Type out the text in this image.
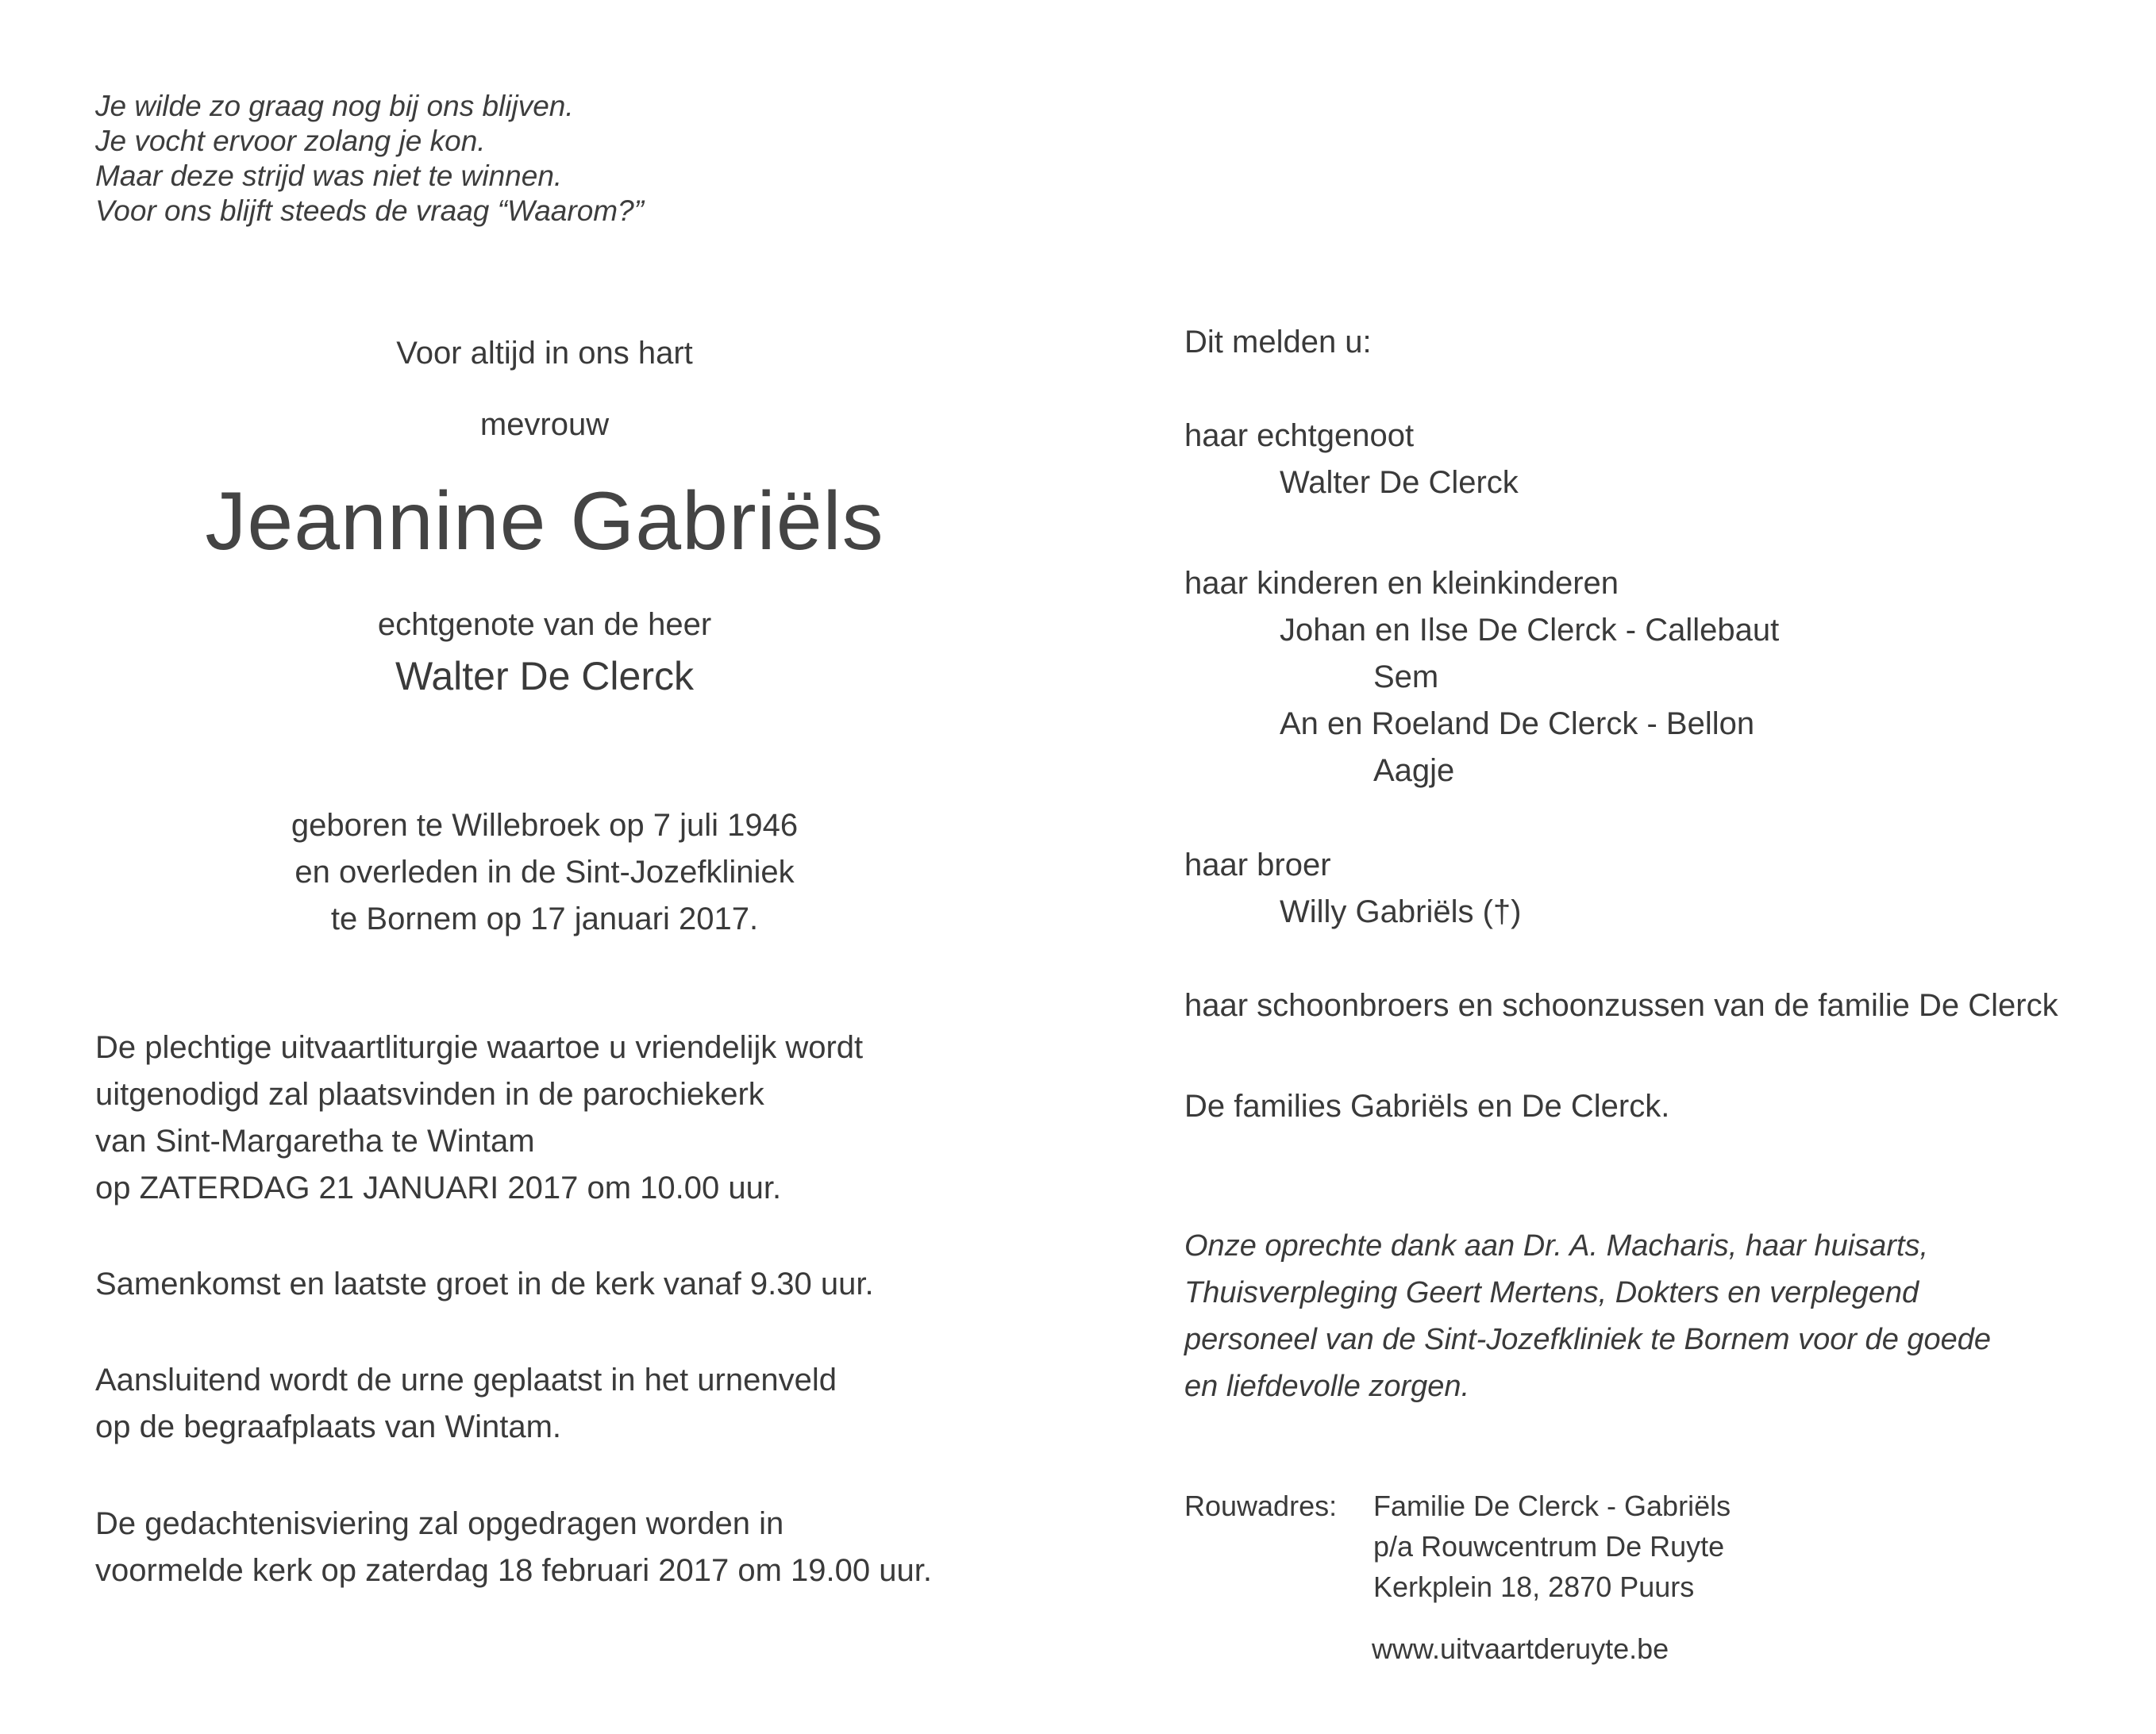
Je wilde zo graag nog bij ons blijven.
Je vocht ervoor zolang je kon.
Maar deze strijd was niet te winnen.
Voor ons blijft steeds de vraag “Waarom?”
Voor altijd in ons hart
mevrouw
Jeannine Gabriëls
echtgenote van de heer
Walter De Clerck
geboren te Willebroek op 7 juli 1946
en overleden in de Sint-Jozefkliniek
te Bornem op 17 januari 2017.
De plechtige uitvaartliturgie waartoe u vriendelijk wordt
uitgenodigd zal plaatsvinden in de parochiekerk
van Sint-Margaretha te Wintam
op ZATERDAG 21 JANUARI 2017 om 10.00 uur.
Samenkomst en laatste groet in de kerk vanaf 9.30 uur.
Aansluitend wordt de urne geplaatst in het urnenveld
op de begraafplaats van Wintam.
De gedachtenisviering zal opgedragen worden in
voormelde kerk op zaterdag 18 februari 2017 om 19.00 uur.
Dit melden u:
haar echtgenoot
Walter De Clerck
haar kinderen en kleinkinderen
Johan en Ilse De Clerck - Callebaut
Sem
An en Roeland De Clerck - Bellon
Aagje
haar broer
Willy Gabriëls (†)
haar schoonbroers en schoonzussen van de familie De Clerck
De families Gabriëls en De Clerck.
Onze oprechte dank aan Dr. A. Macharis, haar huisarts,
Thuisverpleging Geert Mertens, Dokters en verplegend
personeel van de Sint-Jozefkliniek te Bornem voor de goede
en liefdevolle zorgen.
Rouwadres: Familie De Clerck - Gabriëls
p/a Rouwcentrum De Ruyte
Kerkplein 18, 2870 Puurs
www.uitvaartderuyte.be
